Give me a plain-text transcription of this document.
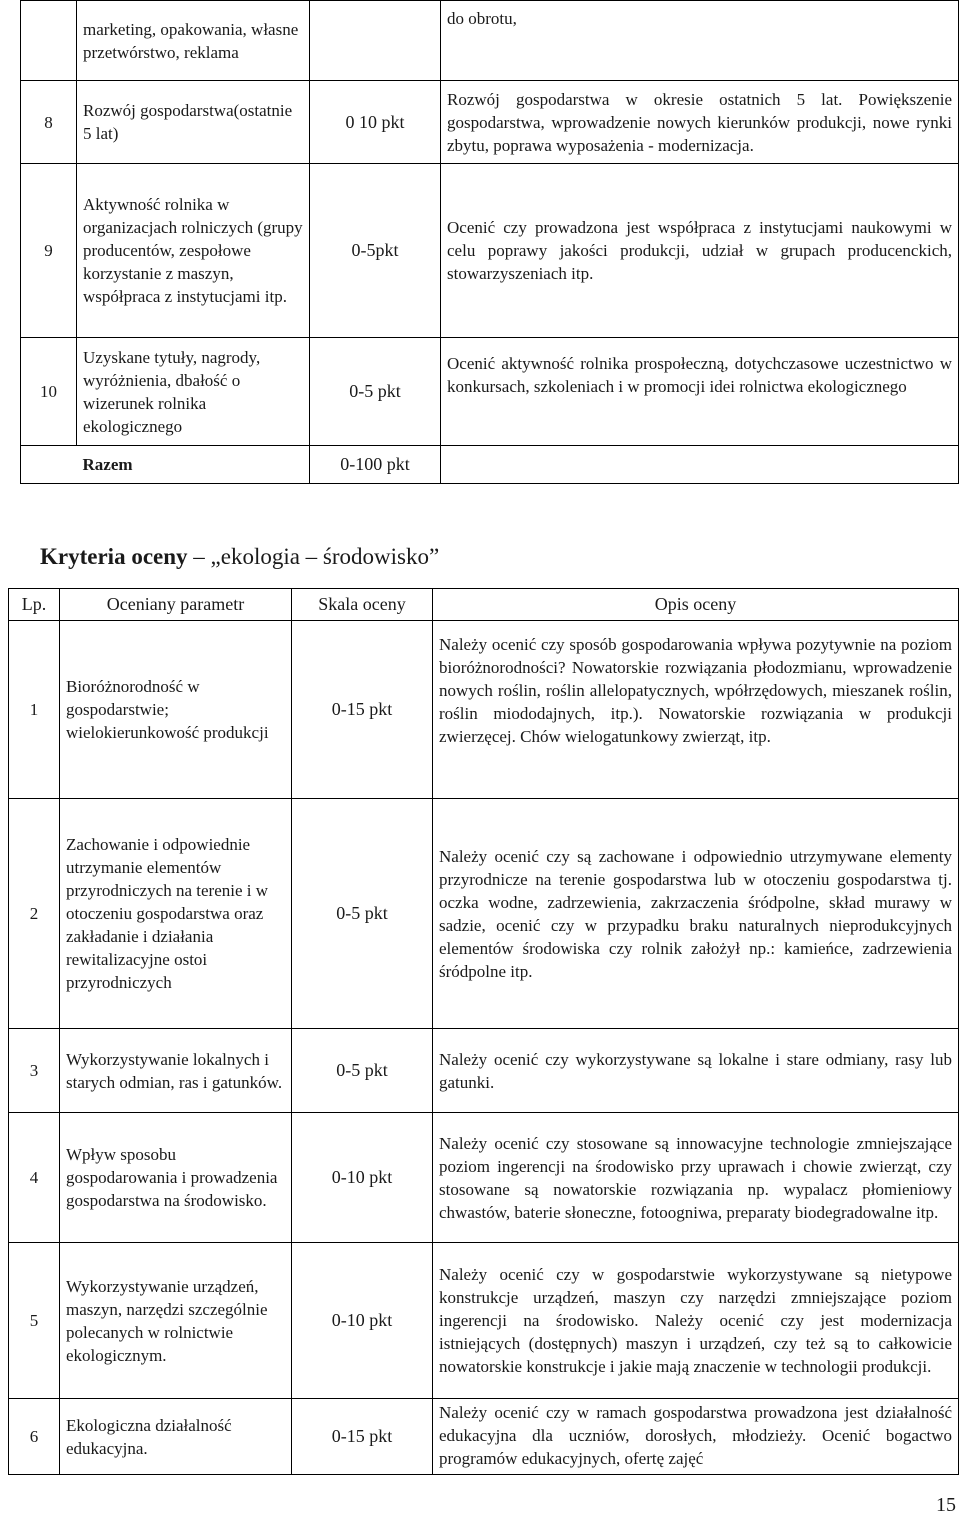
	marketing, opakowania, własne przetwórstwo, reklama		do obrotu,
8	Rozwój gospodarstwa(ostatnie 5 lat)	0 10 pkt	Rozwój gospodarstwa w okresie ostatnich 5 lat. Powiększenie gospodarstwa, wprowadzenie nowych kierunków produkcji, nowe rynki zbytu, poprawa wyposażenia - modernizacja.
9	Aktywność rolnika w organizacjach rolniczych (grupy producentów, zespołowe korzystanie z maszyn, współpraca z instytucjami itp.	0-5pkt	Ocenić czy prowadzona jest współpraca z instytucjami naukowymi w celu poprawy jakości produkcji, udział w grupach producenckich, stowarzyszeniach itp.
10	Uzyskane tytuły, nagrody, wyróżnienia, dbałość o wizerunek rolnika ekologicznego	0-5 pkt	Ocenić aktywność rolnika prospołeczną, dotychczasowe uczestnictwo w konkursach, szkoleniach i w promocji idei rolnictwa ekologicznego
	Razem	0-100 pkt	
Kryteria oceny – „ekologia – środowisko”
Lp.	Oceniany parametr	Skala oceny	Opis oceny
1	Bioróżnorodność w gospodarstwie; wielokierunkowość produkcji	0-15 pkt	Należy ocenić czy sposób gospodarowania wpływa pozytywnie na poziom bioróżnorodności? Nowatorskie rozwiązania płodozmianu, wprowadzenie nowych roślin, roślin allelopatycznych, wpółrzędowych, mieszanek roślin, roślin miododajnych, itp.). Nowatorskie rozwiązania w produkcji zwierzęcej. Chów wielogatunkowy zwierząt, itp.
2	Zachowanie i odpowiednie utrzymanie elementów przyrodniczych na terenie i w otoczeniu gospodarstwa oraz zakładanie i działania rewitalizacyjne ostoi przyrodniczych	0-5 pkt	Należy ocenić czy są zachowane i odpowiednio utrzymywane elementy przyrodnicze na terenie gospodarstwa lub w otoczeniu gospodarstwa tj. oczka wodne, zadrzewienia, zakrzaczenia śródpolne, skład murawy w sadzie, ocenić czy w przypadku braku naturalnych nieprodukcyjnych elementów środowiska czy rolnik założył np.: kamieńce, zadrzewienia śródpolne itp.
3	Wykorzystywanie lokalnych i starych odmian, ras i gatunków.	0-5 pkt	Należy ocenić czy wykorzystywane są lokalne i stare odmiany, rasy lub gatunki.
4	Wpływ sposobu gospodarowania i prowadzenia gospodarstwa na środowisko.	0-10 pkt	Należy ocenić czy stosowane są innowacyjne technologie zmniejszające poziom ingerencji na środowisko przy uprawach i chowie zwierząt, czy stosowane są nowatorskie rozwiązania np. wypalacz płomieniowy chwastów, baterie słoneczne, fotoogniwa, preparaty biodegradowalne itp.
5	Wykorzystywanie urządzeń, maszyn, narzędzi szczególnie polecanych w rolnictwie ekologicznym.	0-10 pkt	Należy ocenić czy w gospodarstwie wykorzystywane są nietypowe konstrukcje urządzeń, maszyn czy narzędzi zmniejszające poziom ingerencji na środowisko. Należy ocenić czy jest modernizacja istniejących (dostępnych) maszyn i urządzeń, czy też są to całkowicie nowatorskie konstrukcje i jakie mają znaczenie w technologii produkcji.
6	Ekologiczna działalność edukacyjna.	0-15 pkt	Należy ocenić czy w ramach gospodarstwa prowadzona jest działalność edukacyjna dla uczniów, dorosłych, młodzieży. Ocenić bogactwo programów edukacyjnych, ofertę zajęć
15
